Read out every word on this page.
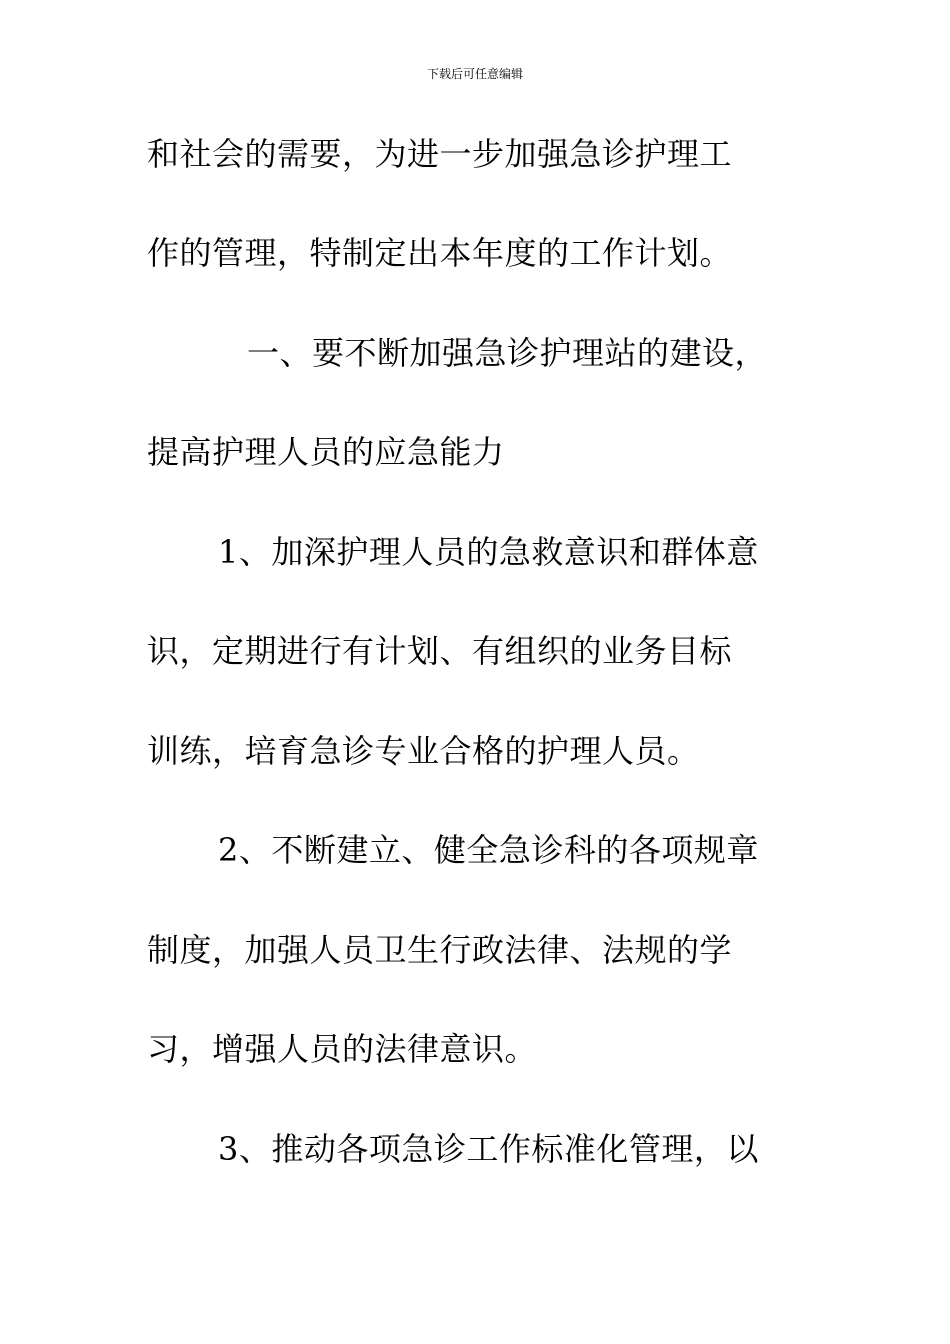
下载后可任意编辑
和社会的需要，为进一步加强急诊护理工
作的管理，特制定出本年度的工作计划。
一、要不断加强急诊护理站的建设，
提高护理人员的应急能力
1、加深护理人员的急救意识和群体意
识，定期进行有计划、有组织的业务目标
训练，培育急诊专业合格的护理人员。
2、不断建立、健全急诊科的各项规章
制度，加强人员卫生行政法律、法规的学
习，增强人员的法律意识。
3、推动各项急诊工作标准化管理，以
